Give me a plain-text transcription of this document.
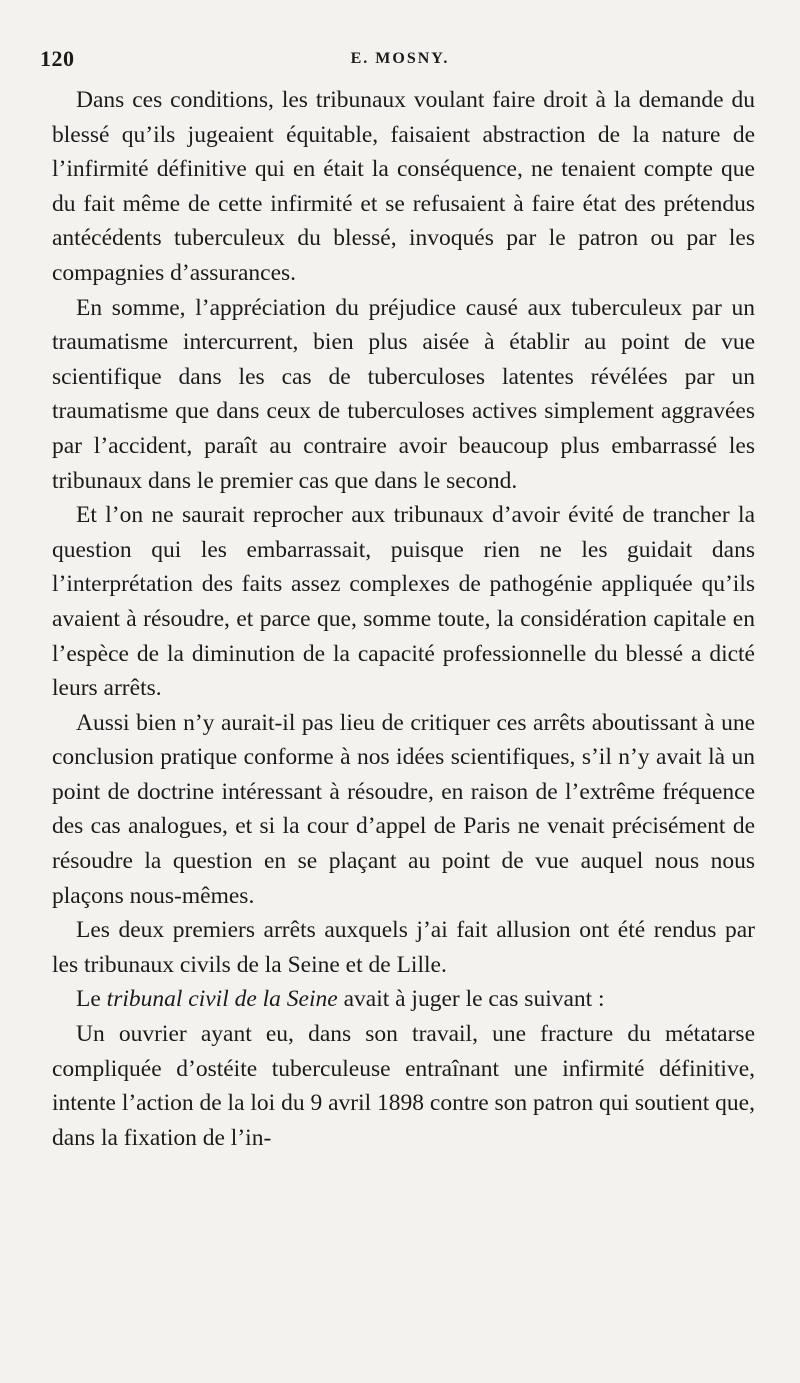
120	E. MOSNY.

Dans ces conditions, les tribunaux voulant faire droit à la demande du blessé qu’ils jugeaient équitable, faisaient abstraction de la nature de l’infirmité définitive qui en était la conséquence, ne tenaient compte que du fait même de cette infirmité et se refusaient à faire état des prétendus antécédents tuberculeux du blessé, invoqués par le patron ou par les compagnies d’assurances.

En somme, l’appréciation du préjudice causé aux tuberculeux par un traumatisme intercurrent, bien plus aisée à établir au point de vue scientifique dans les cas de tuberculoses latentes révélées par un traumatisme que dans ceux de tuberculoses actives simplement aggravées par l’accident, paraît au contraire avoir beaucoup plus embarrassé les tribunaux dans le premier cas que dans le second.

Et l’on ne saurait reprocher aux tribunaux d’avoir évité de trancher la question qui les embarrassait, puisque rien ne les guidait dans l’interprétation des faits assez complexes de pathogénie appliquée qu’ils avaient à résoudre, et parce que, somme toute, la considération capitale en l’espèce de la diminution de la capacité professionnelle du blessé a dicté leurs arrêts.

Aussi bien n’y aurait-il pas lieu de critiquer ces arrêts aboutissant à une conclusion pratique conforme à nos idées scientifiques, s’il n’y avait là un point de doctrine intéressant à résoudre, en raison de l’extrême fréquence des cas analogues, et si la cour d’appel de Paris ne venait précisément de résoudre la question en se plaçant au point de vue auquel nous nous plaçons nous-mêmes.

Les deux premiers arrêts auxquels j’ai fait allusion ont été rendus par les tribunaux civils de la Seine et de Lille.

Le tribunal civil de la Seine avait à juger le cas suivant :

Un ouvrier ayant eu, dans son travail, une fracture du métatarse compliquée d’ostéite tuberculeuse entraînant une infirmité définitive, intente l’action de la loi du 9 avril 1898 contre son patron qui soutient que, dans la fixation de l’in-
